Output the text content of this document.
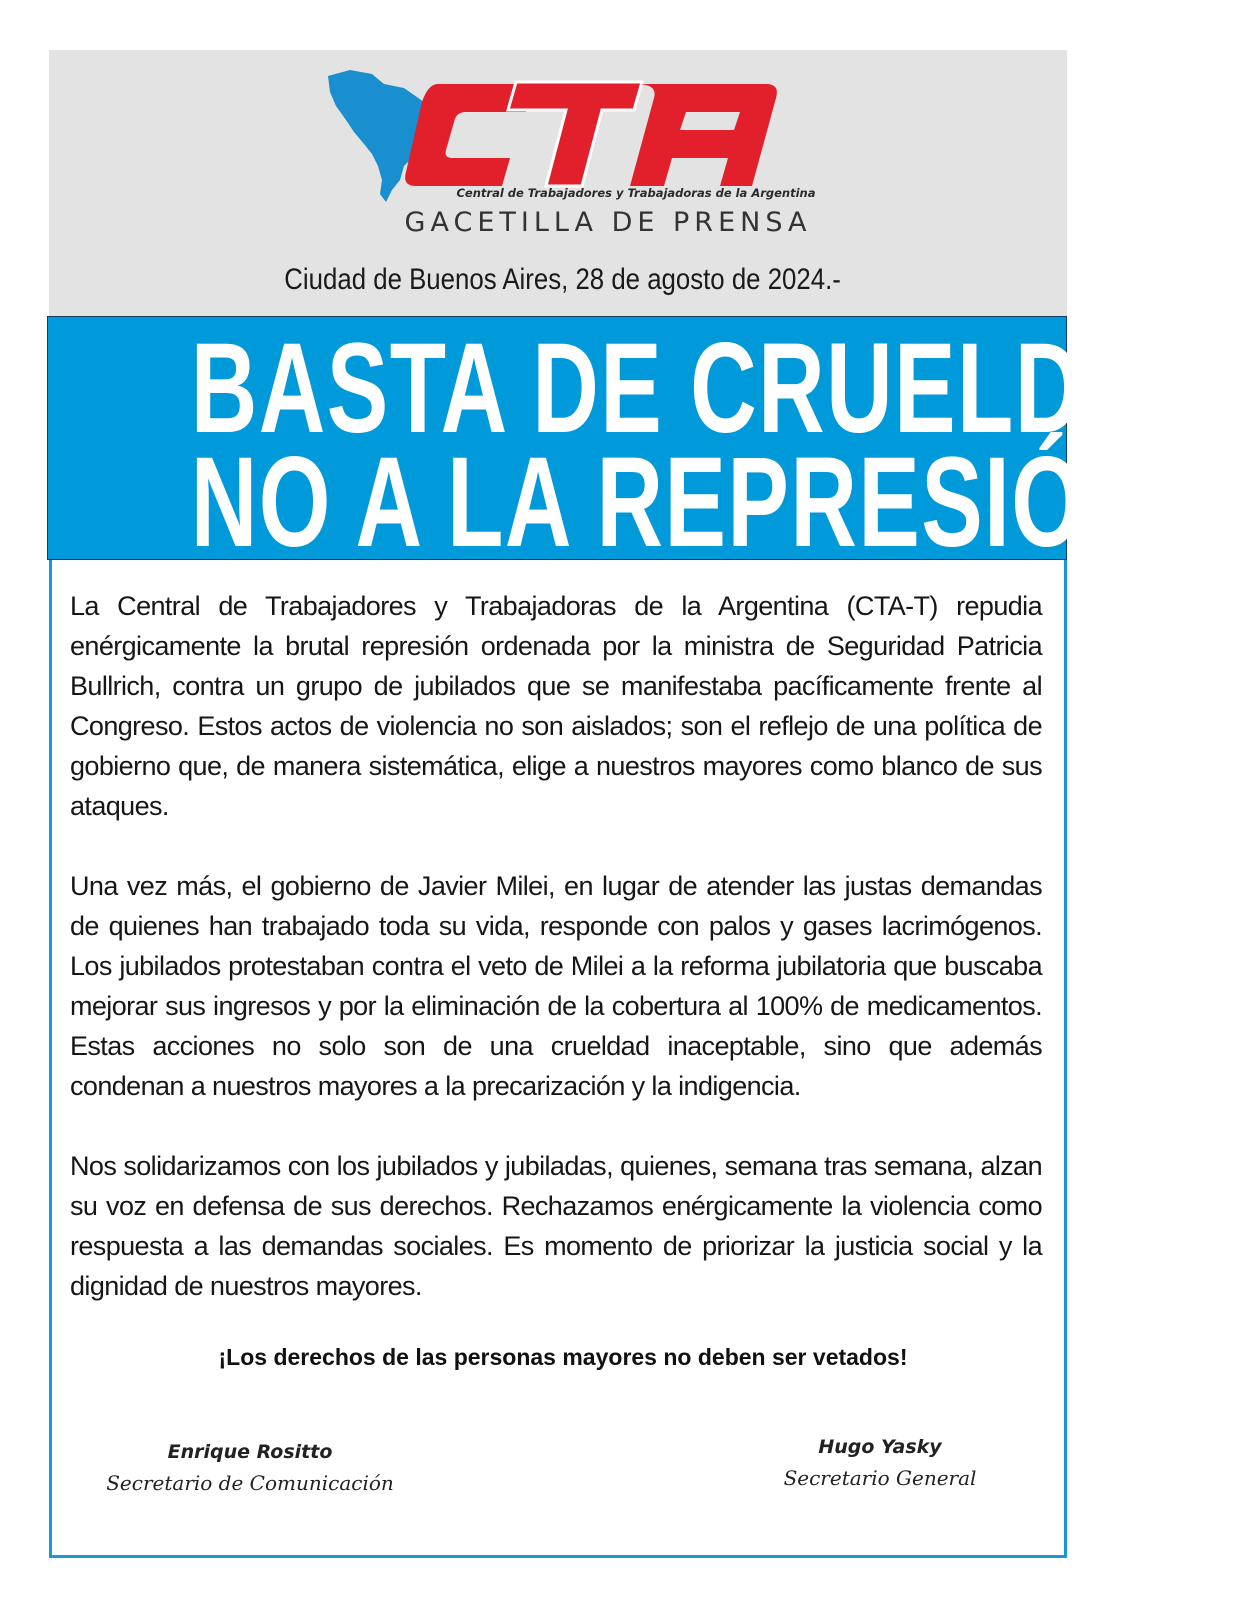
Central de Trabajadores y Trabajadoras de la Argentina
GACETILLA DE PRENSA
Ciudad de Buenos Aires, 28 de agosto de 2024.-
BASTA DE CRUELDAD!
NO A LA REPRESIÓN!

La Central de Trabajadores y Trabajadoras de la Argentina (CTA-T) repudia enérgicamente la brutal represión ordenada por la ministra de Seguridad Patricia Bullrich, contra un grupo de jubilados que se manifestaba pacíficamente frente al Congreso. Estos actos de violencia no son aislados; son el reflejo de una política de gobierno que, de manera sistemática, elige a nuestros mayores como blanco de sus ataques.

Una vez más, el gobierno de Javier Milei, en lugar de atender las justas demandas de quienes han trabajado toda su vida, responde con palos y gases lacrimógenos. Los jubilados protestaban contra el veto de Milei a la reforma jubilatoria que buscaba mejorar sus ingresos y por la eliminación de la cobertura al 100% de medicamentos. Estas acciones no solo son de una crueldad inaceptable, sino que además condenan a nuestros mayores a la precarización y la indigencia.

Nos solidarizamos con los jubilados y jubiladas, quienes, semana tras semana, alzan su voz en defensa de sus derechos. Rechazamos enérgicamente la violencia como respuesta a las demandas sociales. Es momento de priorizar la justicia social y la dignidad de nuestros mayores.

¡Los derechos de las personas mayores no deben ser vetados!
Enrique Rositto
Secretario de Comunicación
Hugo Yasky
Secretario General
